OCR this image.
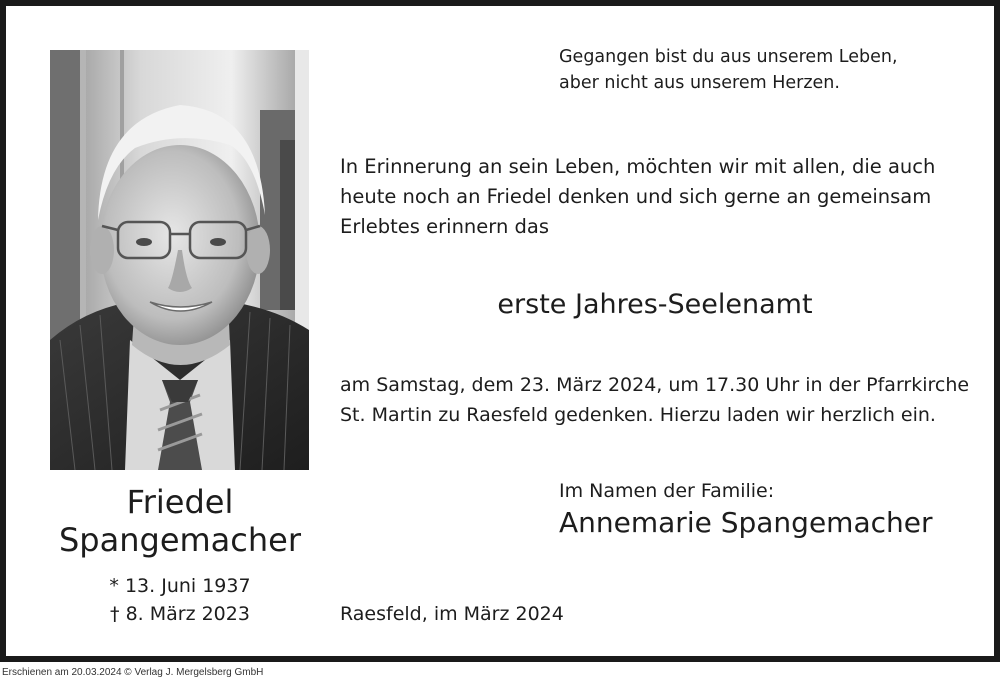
Friedel
Spangemacher
* 13. Juni 1937
† 8. März 2023
Gegangen bist du aus unserem Leben,
aber nicht aus unserem Herzen.
In Erinnerung an sein Leben, möchten wir mit allen, die auch
heute noch an Friedel denken und sich gerne an gemeinsam
Erlebtes erinnern das
erste Jahres-Seelenamt
am Samstag, dem 23. März 2024, um 17.30 Uhr in der Pfarrkirche
St. Martin zu Raesfeld gedenken. Hierzu laden wir herzlich ein.
Im Namen der Familie:
Annemarie Spangemacher
Raesfeld, im März 2024
Erschienen am 20.03.2024 © Verlag J. Mergelsberg GmbH
